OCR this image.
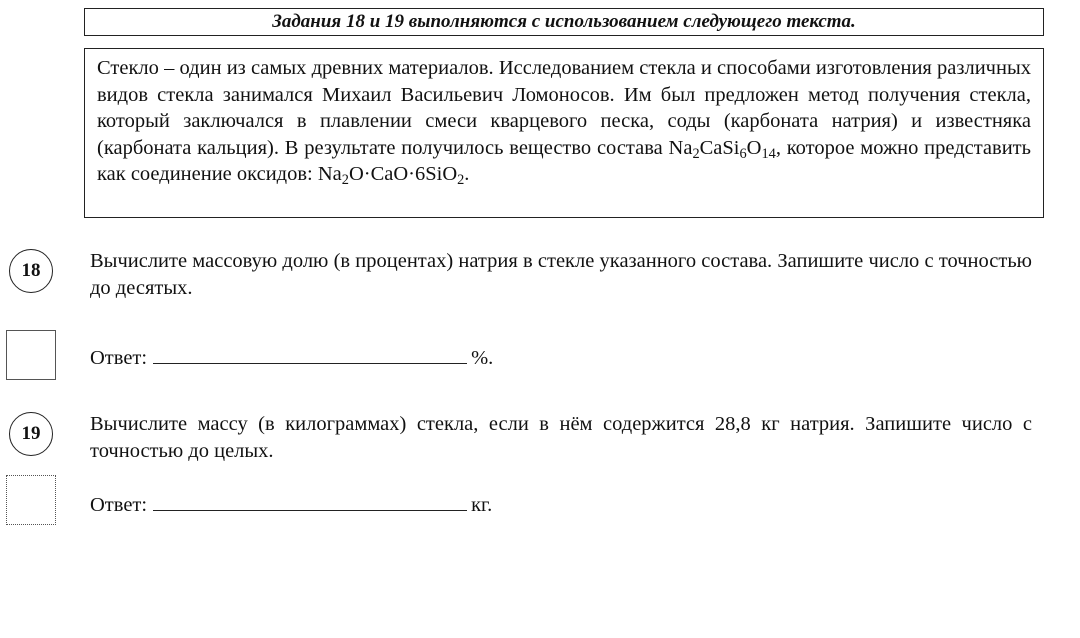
Задания 18 и 19 выполняются с использованием следующего текста.
Стекло – один из самых древних материалов. Исследованием стекла и способами изготовления различных видов стекла занимался Михаил Васильевич Ломоносов. Им был предложен метод получения стекла, который заключался в плавлении смеси кварцевого песка, соды (карбоната натрия) и известняка (карбоната кальция). В результате получилось вещество состава $Na_2CaSi_6O_{14}$, которое можно представить как соединение оксидов: $Na_2O\cdot CaO\cdot 6SiO_2$.
18	Вычислите массовую долю (в процентах) натрия в стекле указанного состава. Запишите число с точностью до десятых.
Ответ:	%.
19	Вычислите массу (в килограммах) стекла, если в нём содержится 28,8 кг натрия. Запишите число с точностью до целых.
Ответ:	кг.
